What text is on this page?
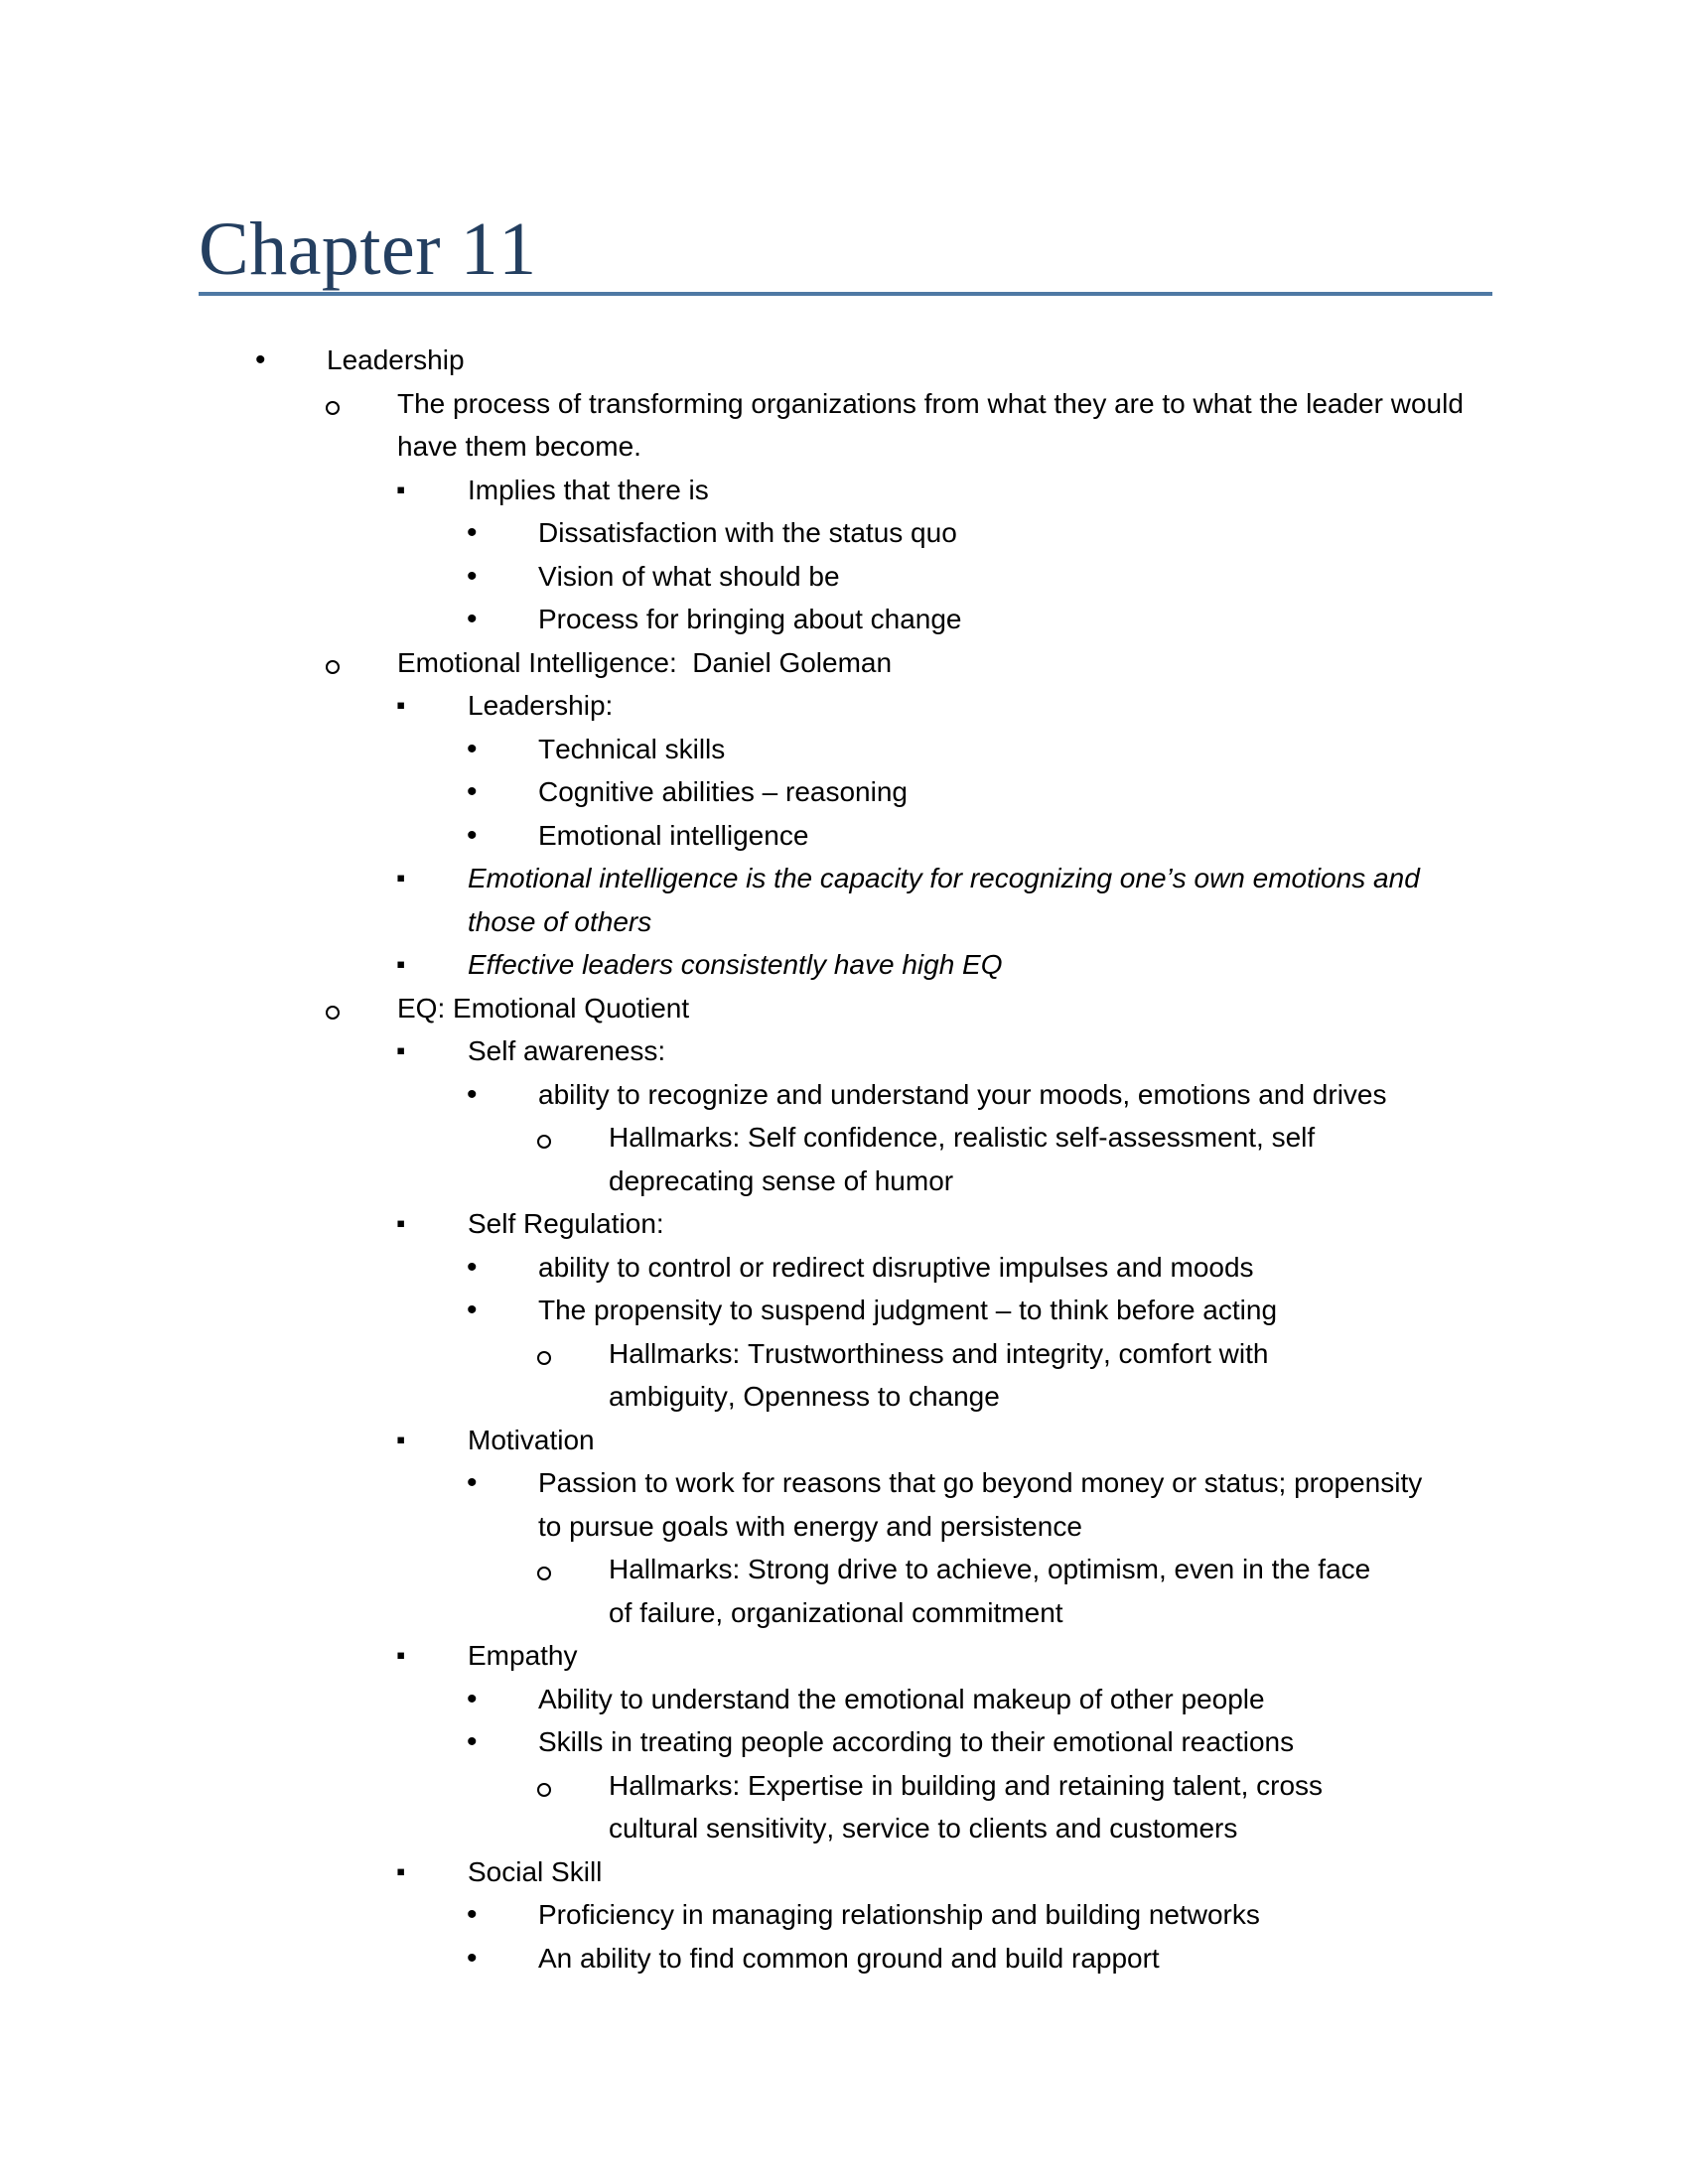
Chapter 11
• Leadership
The process of transforming organizations from what they are to what the leader would have them become.
▪ Implies that there is
• Dissatisfaction with the status quo
• Vision of what should be
• Process for bringing about change
Emotional Intelligence:  Daniel Goleman
▪ Leadership:
• Technical skills
• Cognitive abilities – reasoning
• Emotional intelligence
▪ Emotional intelligence is the capacity for recognizing one’s own emotions and those of others
▪ Effective leaders consistently have high EQ
EQ: Emotional Quotient
▪ Self awareness:
• ability to recognize and understand your moods, emotions and drives
Hallmarks: Self confidence, realistic self-assessment, self deprecating sense of humor
▪ Self Regulation:
• ability to control or redirect disruptive impulses and moods
• The propensity to suspend judgment – to think before acting
Hallmarks: Trustworthiness and integrity, comfort with ambiguity, Openness to change
▪ Motivation
• Passion to work for reasons that go beyond money or status; propensity to pursue goals with energy and persistence
Hallmarks: Strong drive to achieve, optimism, even in the face of failure, organizational commitment
▪ Empathy
• Ability to understand the emotional makeup of other people
• Skills in treating people according to their emotional reactions
Hallmarks: Expertise in building and retaining talent, cross cultural sensitivity, service to clients and customers
▪ Social Skill
• Proficiency in managing relationship and building networks
• An ability to find common ground and build rapport
